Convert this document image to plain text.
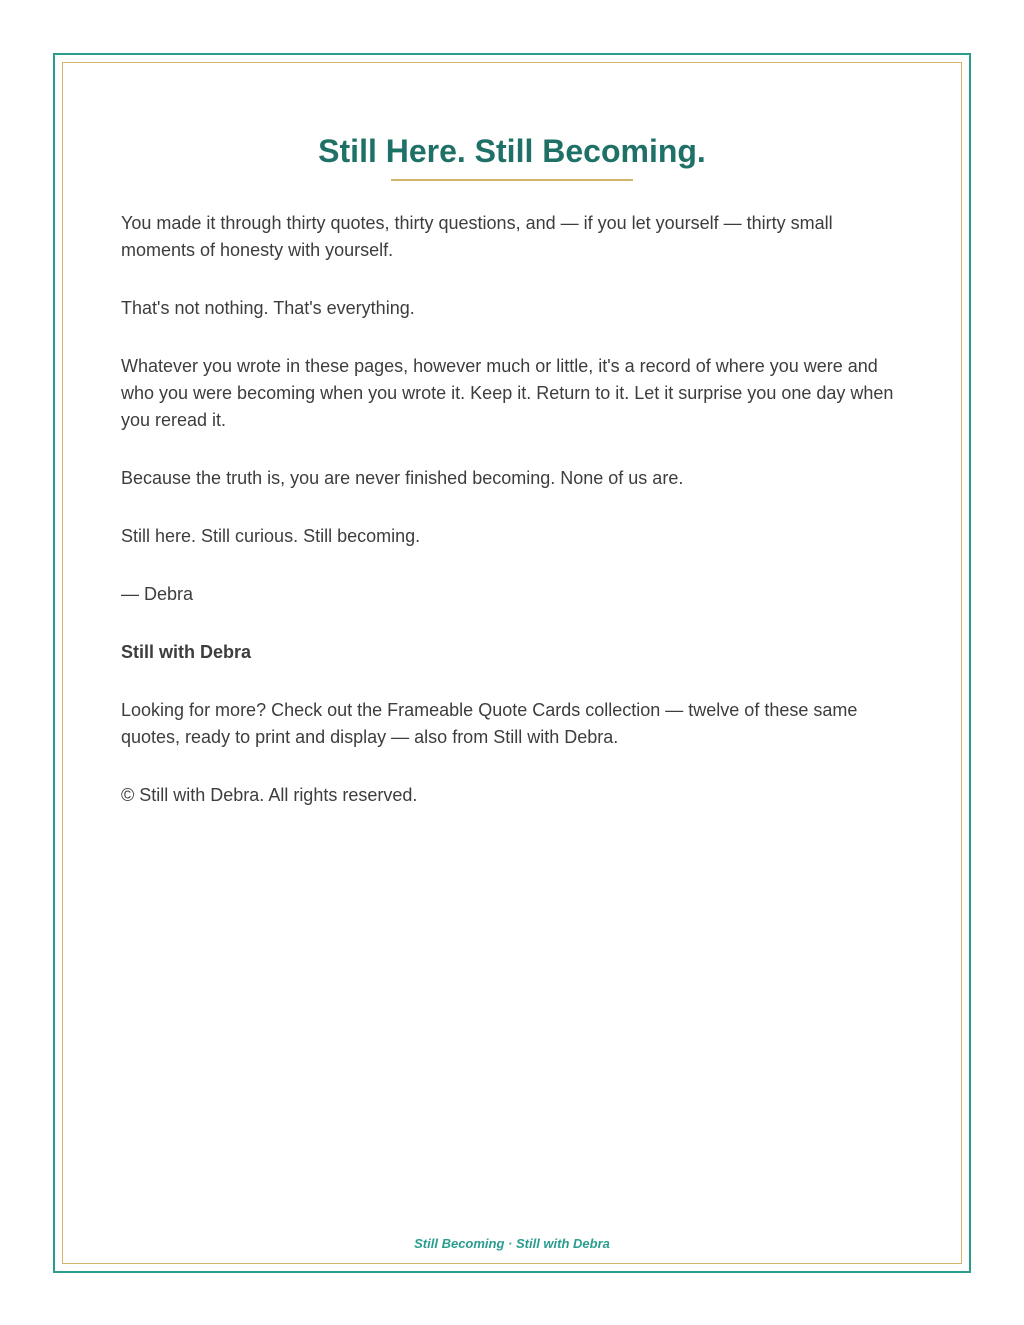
Still Here. Still Becoming.

You made it through thirty quotes, thirty questions, and — if you let yourself — thirty small moments of honesty with yourself.

That's not nothing. That's everything.

Whatever you wrote in these pages, however much or little, it's a record of where you were and who you were becoming when you wrote it. Keep it. Return to it. Let it surprise you one day when you reread it.

Because the truth is, you are never finished becoming. None of us are.

Still here. Still curious. Still becoming.

— Debra

Still with Debra

Looking for more? Check out the Frameable Quote Cards collection — twelve of these same quotes, ready to print and display — also from Still with Debra.

© Still with Debra. All rights reserved.

Still Becoming · Still with Debra
